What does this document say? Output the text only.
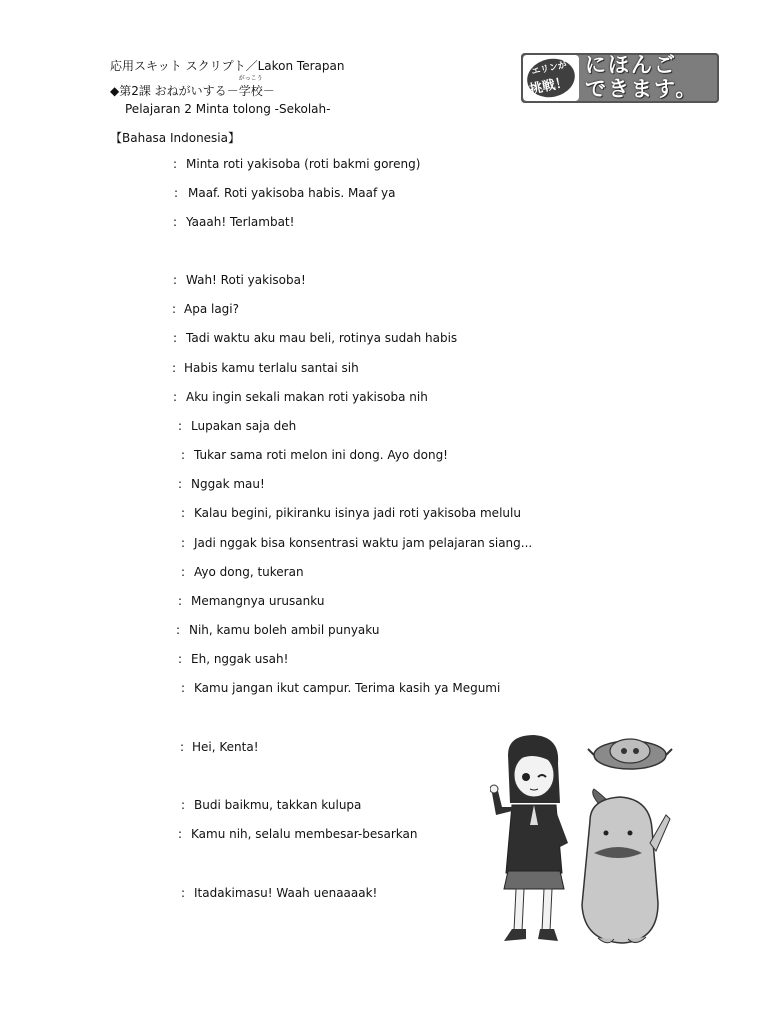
応用スキット スクリプト／Lakon Terapan
◆第2課 おねがいする－学校
がっこう
－
Pelajaran 2 Minta tolong -Sekolah-
エリンが
挑戦！
にほんご
できます。
【Bahasa Indonesia】
: Minta roti yakisoba (roti bakmi goreng)
: Maaf. Roti yakisoba habis. Maaf ya
: Yaaah! Terlambat!
: Wah! Roti yakisoba!
: Apa lagi?
: Tadi waktu aku mau beli, rotinya sudah habis
: Habis kamu terlalu santai sih
: Aku ingin sekali makan roti yakisoba nih
: Lupakan saja deh
: Tukar sama roti melon ini dong. Ayo dong!
: Nggak mau!
: Kalau begini, pikiranku isinya jadi roti yakisoba melulu
: Jadi nggak bisa konsentrasi waktu jam pelajaran siang...
: Ayo dong, tukeran
: Memangnya urusanku
: Nih, kamu boleh ambil punyaku
: Eh, nggak usah!
: Kamu jangan ikut campur. Terima kasih ya Megumi
: Hei, Kenta!
: Budi baikmu, takkan kulupa
: Kamu nih, selalu membesar-besarkan
: Itadakimasu! Waah uenaaaak!
